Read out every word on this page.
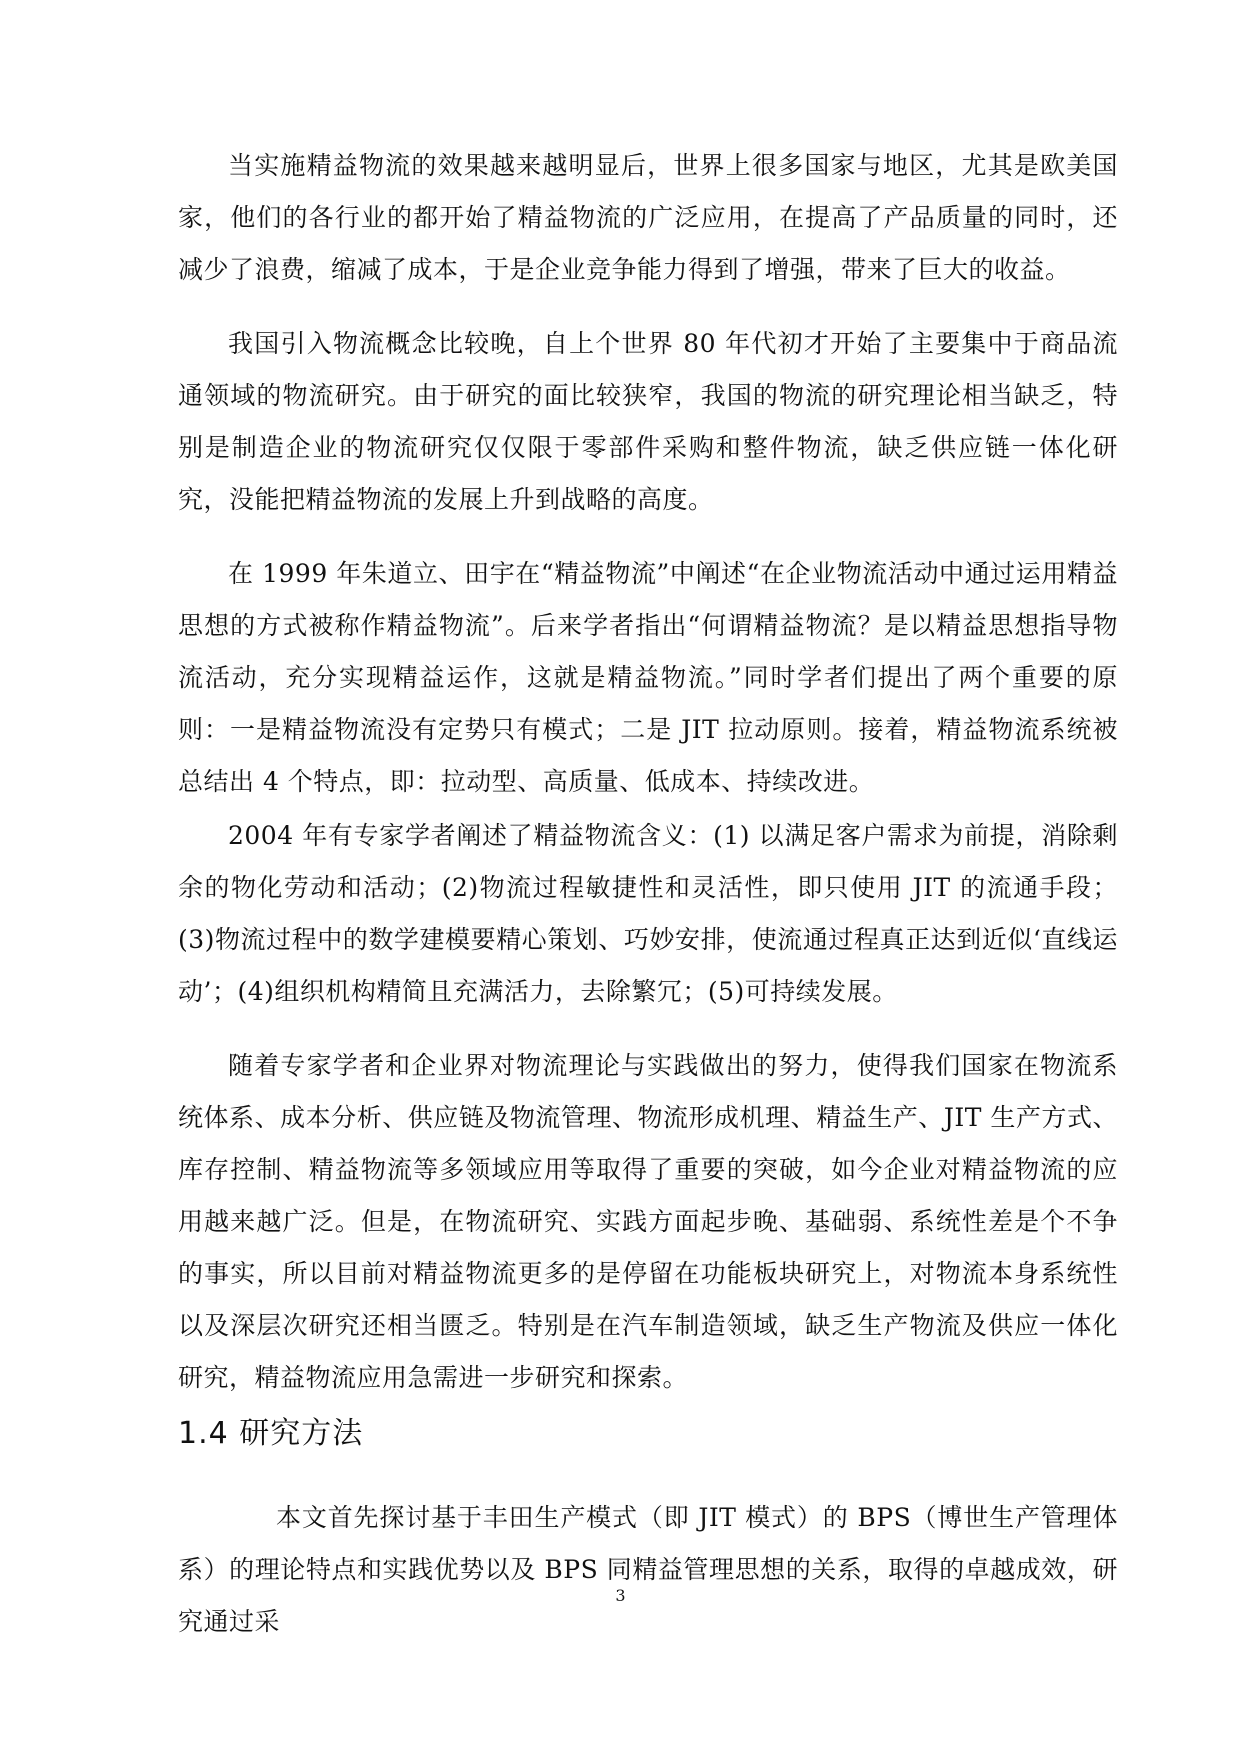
当实施精益物流的效果越来越明显后，世界上很多国家与地区，尤其是欧美国家，他们的各行业的都开始了精益物流的广泛应用，在提高了产品质量的同时，还减少了浪费，缩减了成本，于是企业竞争能力得到了增强，带来了巨大的收益。

我国引入物流概念比较晚，自上个世界 80 年代初才开始了主要集中于商品流通领域的物流研究。由于研究的面比较狭窄，我国的物流的研究理论相当缺乏，特别是制造企业的物流研究仅仅限于零部件采购和整件物流，缺乏供应链一体化研究，没能把精益物流的发展上升到战略的高度。

在 1999 年朱道立、田宇在“精益物流”中阐述“在企业物流活动中通过运用精益思想的方式被称作精益物流”。后来学者指出“何谓精益物流？是以精益思想指导物流活动，充分实现精益运作，这就是精益物流。”同时学者们提出了两个重要的原则：一是精益物流没有定势只有模式；二是 JIT 拉动原则。接着，精益物流系统被总结出 4 个特点，即：拉动型、高质量、低成本、持续改进。

2004 年有专家学者阐述了精益物流含义：(1) 以满足客户需求为前提，消除剩余的物化劳动和活动；(2)物流过程敏捷性和灵活性，即只使用 JIT 的流通手段；(3)物流过程中的数学建模要精心策划、巧妙安排，使流通过程真正达到近似‘直线运动’；(4)组织机构精简且充满活力，去除繁冗；(5)可持续发展。

随着专家学者和企业界对物流理论与实践做出的努力，使得我们国家在物流系统体系、成本分析、供应链及物流管理、物流形成机理、精益生产、JIT 生产方式、库存控制、精益物流等多领域应用等取得了重要的突破，如今企业对精益物流的应用越来越广泛。但是，在物流研究、实践方面起步晚、基础弱、系统性差是个不争的事实，所以目前对精益物流更多的是停留在功能板块研究上，对物流本身系统性以及深层次研究还相当匮乏。特别是在汽车制造领域，缺乏生产物流及供应一体化研究，精益物流应用急需进一步研究和探索。

1.4 研究方法

本文首先探讨基于丰田生产模式（即 JIT 模式）的 BPS（博世生产管理体系）的理论特点和实践优势以及 BPS 同精益管理思想的关系，取得的卓越成效，研究通过采

3
